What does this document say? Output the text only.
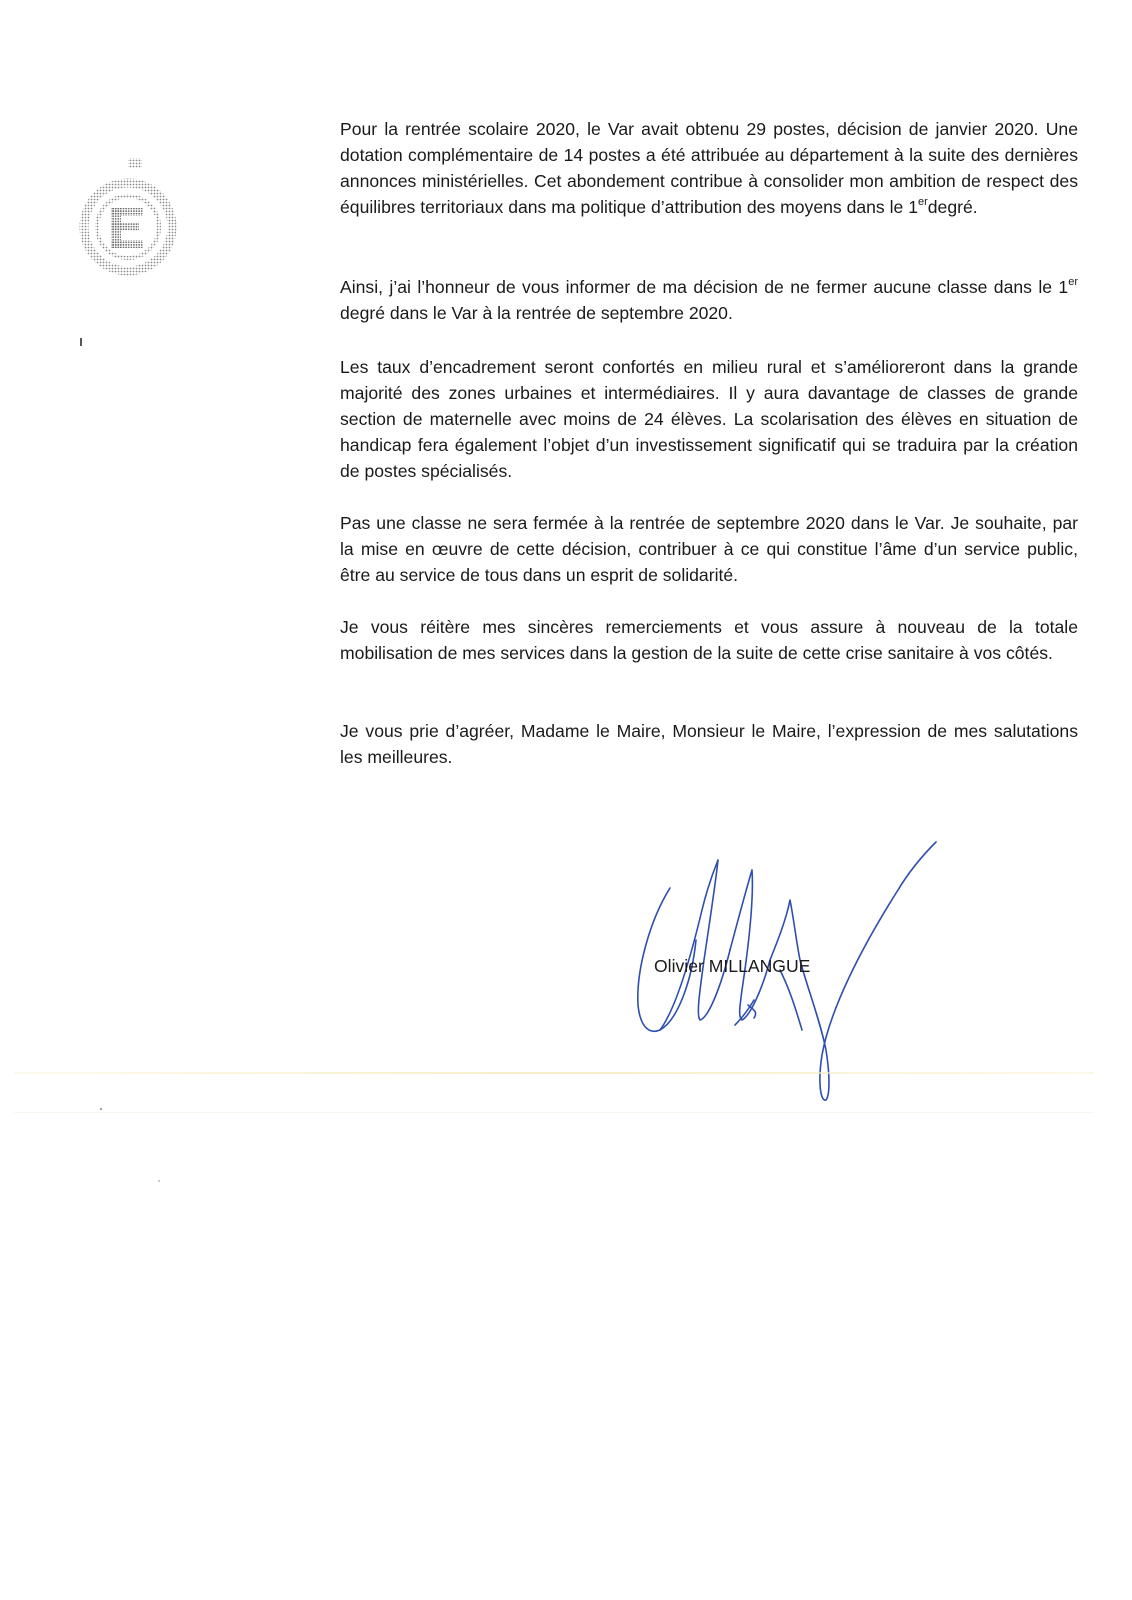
Pour la rentrée scolaire 2020, le Var avait obtenu 29 postes, décision de janvier 2020. Une dotation complémentaire de 14 postes a été attribuée au département à la suite des dernières annonces ministérielles. Cet abondement contribue à consolider mon ambition de respect des équilibres territoriaux dans ma politique d’attribution des moyens dans le 1erdegré.

Ainsi, j’ai l’honneur de vous informer de ma décision de ne fermer aucune classe dans le 1er degré dans le Var à la rentrée de septembre 2020.

Les taux d’encadrement seront confortés en milieu rural et s’amélioreront dans la grande majorité des zones urbaines et intermédiaires. Il y aura davantage de classes de grande section de maternelle avec moins de 24 élèves. La scolarisation des élèves en situation de handicap fera également l’objet d’un investissement significatif qui se traduira par la création de postes spécialisés.

Pas une classe ne sera fermée à la rentrée de septembre 2020 dans le Var. Je souhaite, par la mise en œuvre de cette décision, contribuer à ce qui constitue l’âme d’un service public, être au service de tous dans un esprit de solidarité.

Je vous réitère mes sincères remerciements et vous assure à nouveau de la totale mobilisation de mes services dans la gestion de la suite de cette crise sanitaire à vos côtés.

Je vous prie d’agréer, Madame le Maire, Monsieur le Maire, l’expression de mes salutations les meilleures.

Olivier MILLANGUE
